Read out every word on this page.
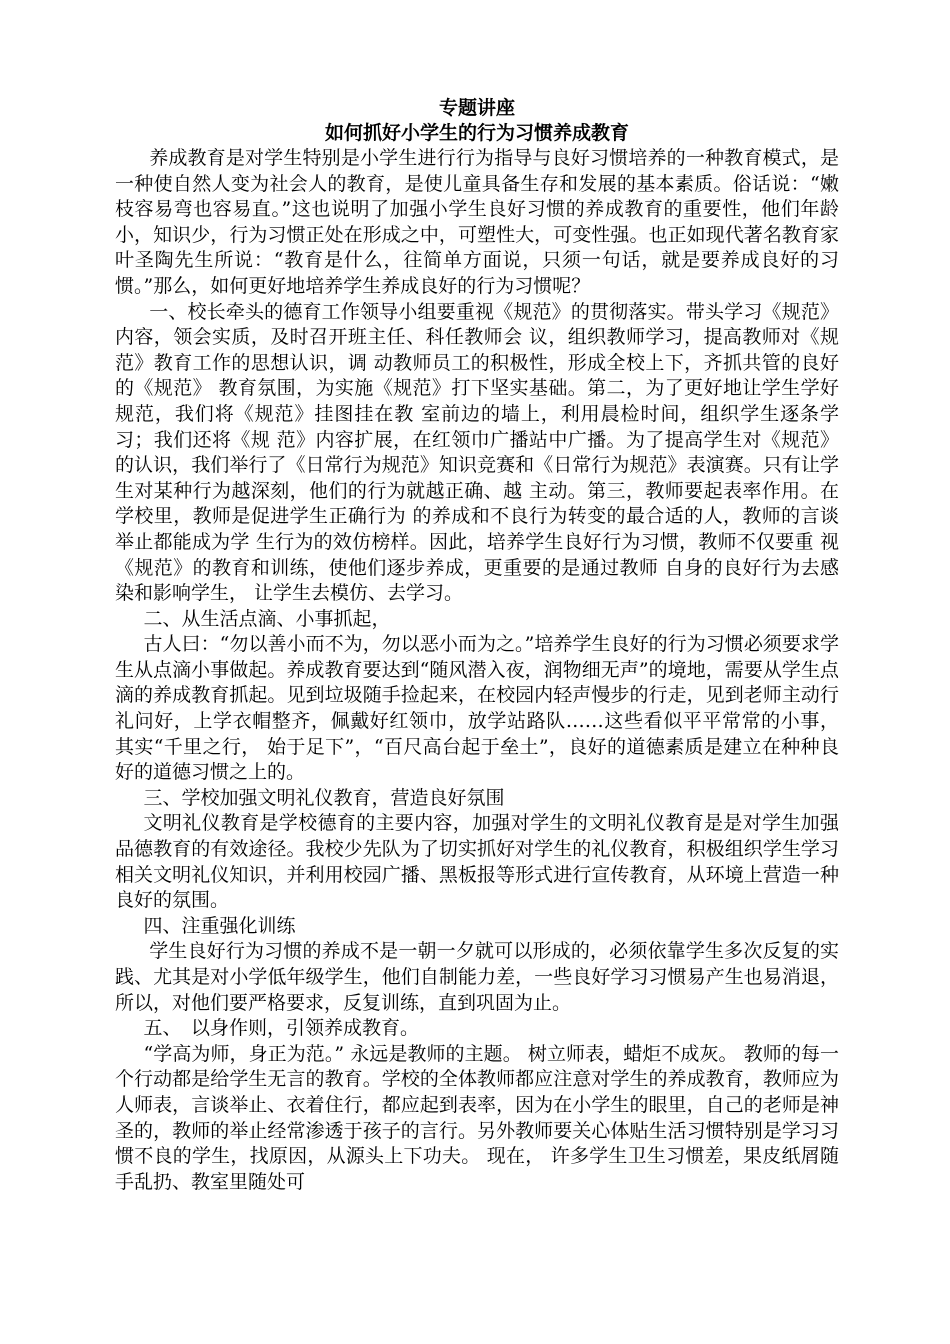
专题讲座

如何抓好小学生的行为习惯养成教育

养成教育是对学生特别是小学生进行行为指导与良好习惯培养的一种教育模式，是一种使自然人变为社会人的教育，是使儿童具备生存和发展的基本素质。俗话说：“嫩枝容易弯也容易直。”这也说明了加强小学生良好习惯的养成教育的重要性，他们年龄小，知识少，行为习惯正处在形成之中，可塑性大，可变性强。也正如现代著名教育家叶圣陶先生所说：“教育是什么，往简单方面说，只须一句话，就是要养成良好的习惯。”那么，如何更好地培养学生养成良好的行为习惯呢？

一、校长牵头的德育工作领导小组要重视《规范》的贯彻落实。带头学习《规范》内容，领会实质，及时召开班主任、科任教师会 议，组织教师学习，提高教师对《规范》教育工作的思想认识，调 动教师员工的积极性，形成全校上下，齐抓共管的良好的《规范》 教育氛围，为实施《规范》打下坚实基础。第二，为了更好地让学生学好规范，我们将《规范》挂图挂在教 室前边的墙上，利用晨检时间，组织学生逐条学习；我们还将《规 范》内容扩展，在红领巾广播站中广播。为了提高学生对《规范》的认识，我们举行了《日常行为规范》知识竞赛和《日常行为规范》表演赛。只有让学生对某种行为越深刻，他们的行为就越正确、越 主动。第三，教师要起表率作用。在学校里，教师是促进学生正确行为 的养成和不良行为转变的最合适的人，教师的言谈举止都能成为学 生行为的效仿榜样。因此，培养学生良好行为习惯，教师不仅要重 视《规范》的教育和训练，使他们逐步养成，更重要的是通过教师 自身的良好行为去感染和影响学生， 让学生去模仿、去学习。

二、从生活点滴、小事抓起，

古人曰：“勿以善小而不为，勿以恶小而为之。”培养学生良好的行为习惯必须要求学生从点滴小事做起。养成教育要达到“随风潜入夜，润物细无声”的境地，需要从学生点滴的养成教育抓起。见到垃圾随手捡起来，在校园内轻声慢步的行走，见到老师主动行礼问好，上学衣帽整齐，佩戴好红领巾，放学站路队……这些看似平平常常的小事， 其实“千里之行， 始于足下”，“百尺高台起于垒土”，良好的道德素质是建立在种种良好的道德习惯之上的。

三、学校加强文明礼仪教育，营造良好氛围

文明礼仪教育是学校德育的主要内容，加强对学生的文明礼仪教育是是对学生加强品德教育的有效途径。我校少先队为了切实抓好对学生的礼仪教育，积极组织学生学习相关文明礼仪知识，并利用校园广播、黑板报等形式进行宣传教育，从环境上营造一种良好的氛围。

四、注重强化训练

学生良好行为习惯的养成不是一朝一夕就可以形成的，必须依靠学生多次反复的实践、尤其是对小学低年级学生，他们自制能力差，一些良好学习习惯易产生也易消退，所以，对他们要严格要求，反复训练，直到巩固为止。

五、　以身作则，引领养成教育。

“学高为师，身正为范。” 永远是教师的主题。 树立师表，蜡炬不成灰。 教师的每一个行动都是给学生无言的教育。学校的全体教师都应注意对学生的养成教育，教师应为人师表，言谈举止、衣着住行，都应起到表率，因为在小学生的眼里，自己的老师是神圣的，教师的举止经常渗透于孩子的言行。另外教师要关心体贴生活习惯特别是学习习惯不良的学生，找原因，从源头上下功夫。 现在， 许多学生卫生习惯差，果皮纸屑随手乱扔、教室里随处可
